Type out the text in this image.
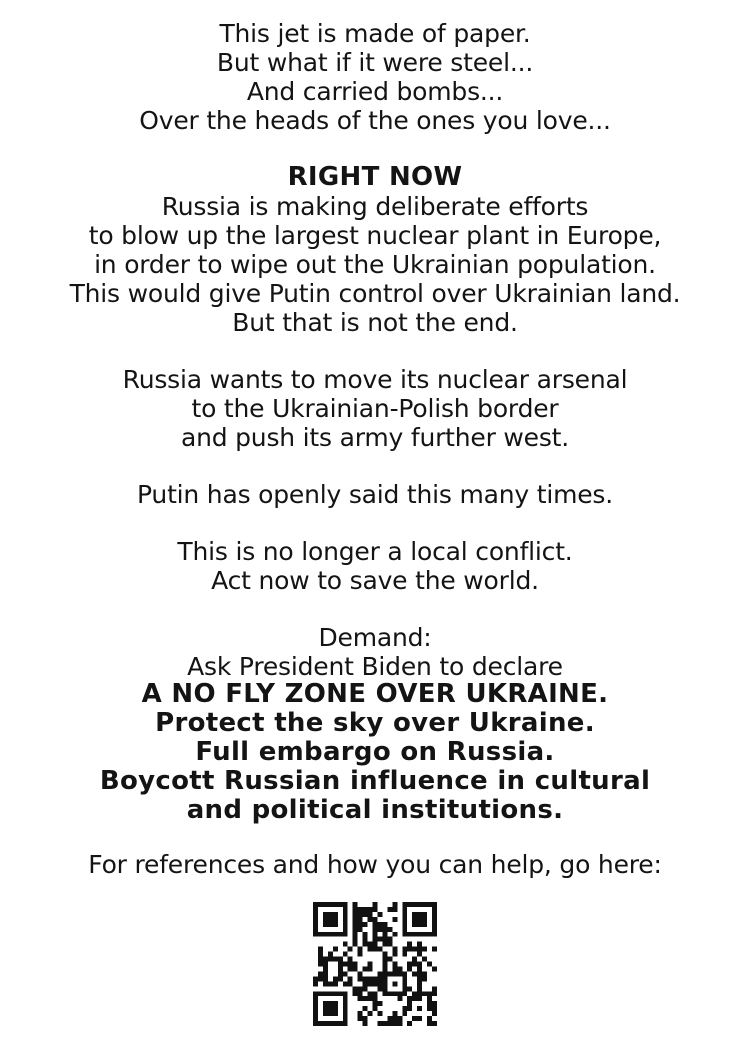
This jet is made of paper.
But what if it were steel...
And carried bombs...
Over the heads of the ones you love...
RIGHT NOW
Russia is making deliberate efforts
to blow up the largest nuclear plant in Europe,
in order to wipe out the Ukrainian population.
This would give Putin control over Ukrainian land.
But that is not the end.
Russia wants to move its nuclear arsenal
to the Ukrainian-Polish border
and push its army further west.
Putin has openly said this many times.
This is no longer a local conflict.
Act now to save the world.
Demand:
Ask President Biden to declare
A NO FLY ZONE OVER UKRAINE.
Protect the sky over Ukraine.
Full embargo on Russia.
Boycott Russian influence in cultural
and political institutions.
For references and how you can help, go here:
